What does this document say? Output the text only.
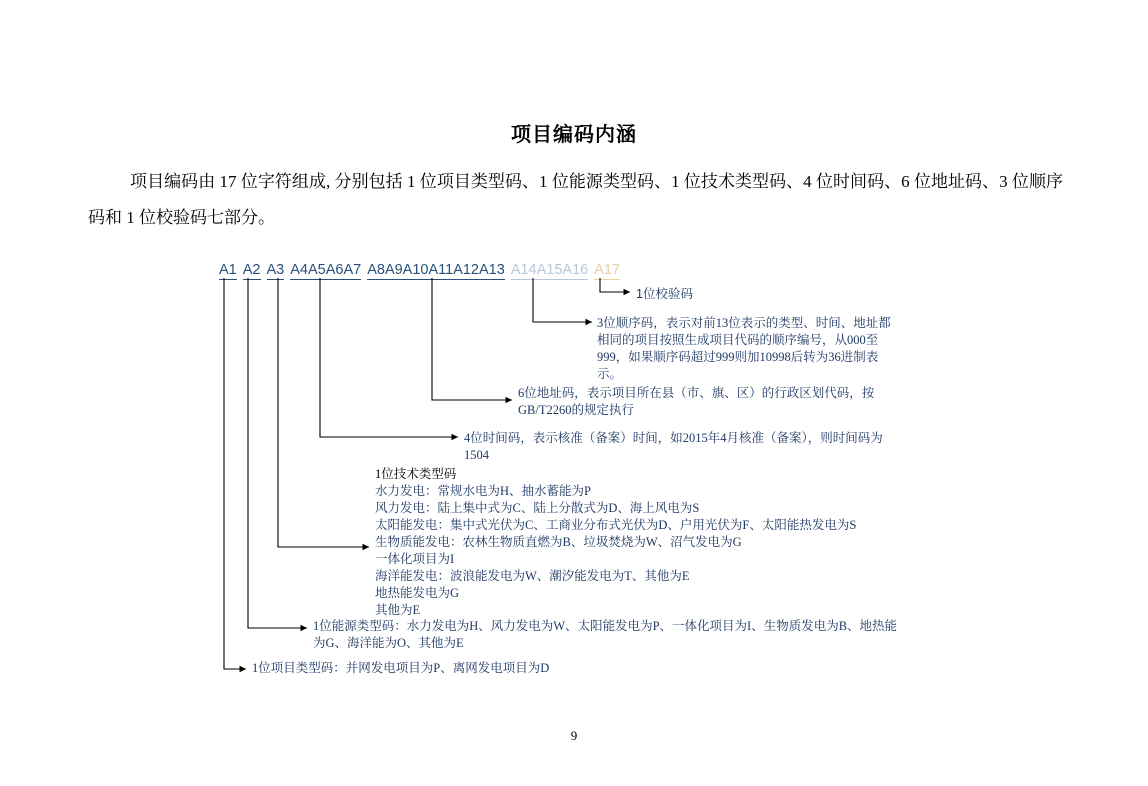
项目编码内涵
项目编码由 17 位字符组成, 分别包括 1 位项目类型码、1 位能源类型码、1 位技术类型码、4 位时间码、6 位地址码、3 位顺序码和 1 位校验码七部分。
A1 A2 A3 A4A5A6A7 A8A9A10A11A12A13 A14A15A16 A17
1位校验码
3位顺序码，表示对前13位表示的类型、时间、地址都相同的项目按照生成项目代码的顺序编号，从000至999，如果顺序码超过999则加10998后转为36进制表示。
6位地址码，表示项目所在县（市、旗、区）的行政区划代码，按GB/T2260的规定执行
4位时间码，表示核准（备案）时间，如2015年4月核准（备案），则时间码为1504
1位技术类型码
水力发电：常规水电为H、抽水蓄能为P
风力发电：陆上集中式为C、陆上分散式为D、海上风电为S
太阳能发电：集中式光伏为C、工商业分布式光伏为D、户用光伏为F、太阳能热发电为S
生物质能发电：农林生物质直燃为B、垃圾焚烧为W、沼气发电为G
一体化项目为I
海洋能发电：波浪能发电为W、潮汐能发电为T、其他为E
地热能发电为G
其他为E
1位能源类型码：水力发电为H、风力发电为W、太阳能发电为P、一体化项目为I、生物质发电为B、地热能为G、海洋能为O、其他为E
1位项目类型码：并网发电项目为P、离网发电项目为D
9
